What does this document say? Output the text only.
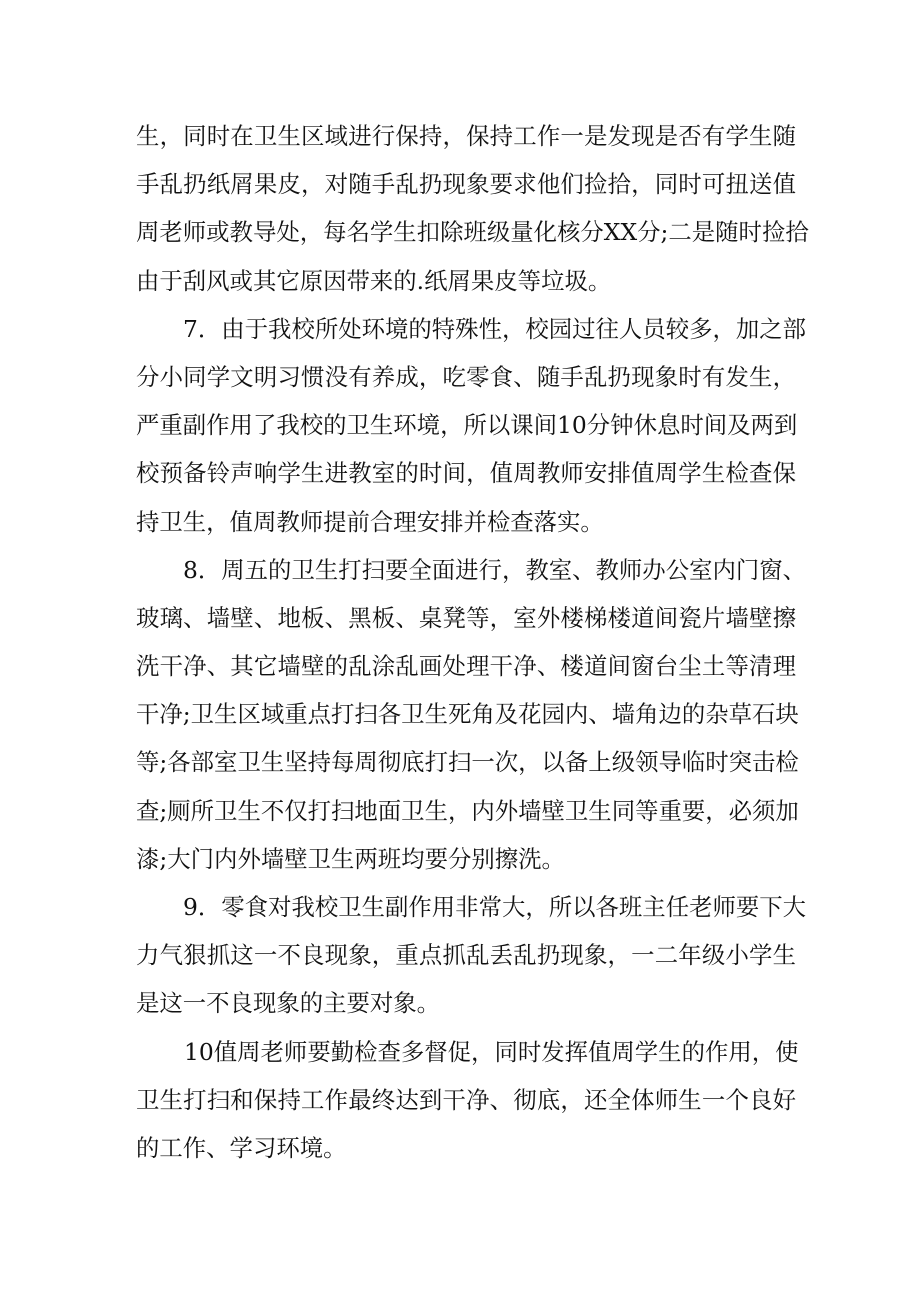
生，同时在卫生区域进行保持，保持工作一是发现是否有学生随
手乱扔纸屑果皮，对随手乱扔现象要求他们捡拾，同时可扭送值
周老师或教导处，每名学生扣除班级量化核分XX分;二是随时捡拾
由于刮风或其它原因带来的.纸屑果皮等垃圾。
7．由于我校所处环境的特殊性，校园过往人员较多，加之部
分小同学文明习惯没有养成，吃零食、随手乱扔现象时有发生，
严重副作用了我校的卫生环境，所以课间10分钟休息时间及两到
校预备铃声响学生进教室的时间，值周教师安排值周学生检查保
持卫生，值周教师提前合理安排并检查落实。
8．周五的卫生打扫要全面进行，教室、教师办公室内门窗、
玻璃、墙壁、地板、黑板、桌凳等，室外楼梯楼道间瓷片墙壁擦
洗干净、其它墙壁的乱涂乱画处理干净、楼道间窗台尘土等清理
干净;卫生区域重点打扫各卫生死角及花园内、墙角边的杂草石块
等;各部室卫生坚持每周彻底打扫一次，以备上级领导临时突击检
查;厕所卫生不仅打扫地面卫生，内外墙壁卫生同等重要，必须加
漆;大门内外墙壁卫生两班均要分别擦洗。
9．零食对我校卫生副作用非常大，所以各班主任老师要下大
力气狠抓这一不良现象，重点抓乱丢乱扔现象，一二年级小学生
是这一不良现象的主要对象。
10值周老师要勤检查多督促，同时发挥值周学生的作用，使
卫生打扫和保持工作最终达到干净、彻底，还全体师生一个良好
的工作、学习环境。
